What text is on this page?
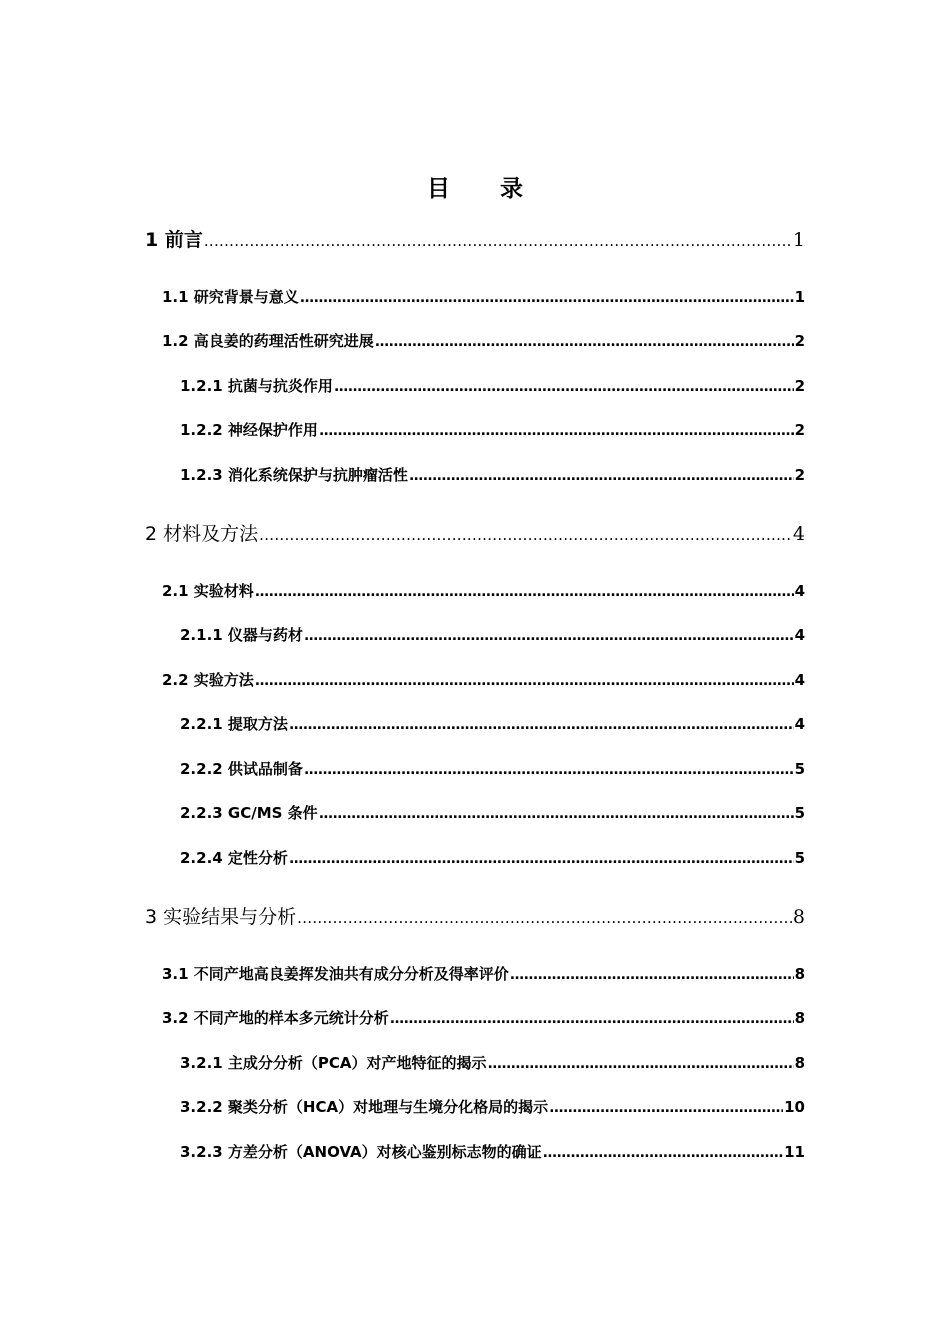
目 录
1 前言 .....	1
1.1 研究背景与意义 .....	1
1.2 高良姜的药理活性研究进展 .....	2
1.2.1 抗菌与抗炎作用 .....	2
1.2.2 神经保护作用 .....	2
1.2.3 消化系统保护与抗肿瘤活性 .....	2
2 材料及方法 .....	4
2.1 实验材料 .....	4
2.1.1 仪器与药材 .....	4
2.2 实验方法 .....	4
2.2.1 提取方法 .....	4
2.2.2 供试品制备 .....	5
2.2.3 GC/MS 条件 .....	5
2.2.4 定性分析 .....	5
3 实验结果与分析 .....	8
3.1 不同产地高良姜挥发油共有成分分析及得率评价 .....	8
3.2 不同产地的样本多元统计分析 .....	8
3.2.1 主成分分析（PCA）对产地特征的揭示 .....	8
3.2.2 聚类分析（HCA）对地理与生境分化格局的揭示 .....	10
3.2.3 方差分析（ANOVA）对核心鉴别标志物的确证 .....	11
